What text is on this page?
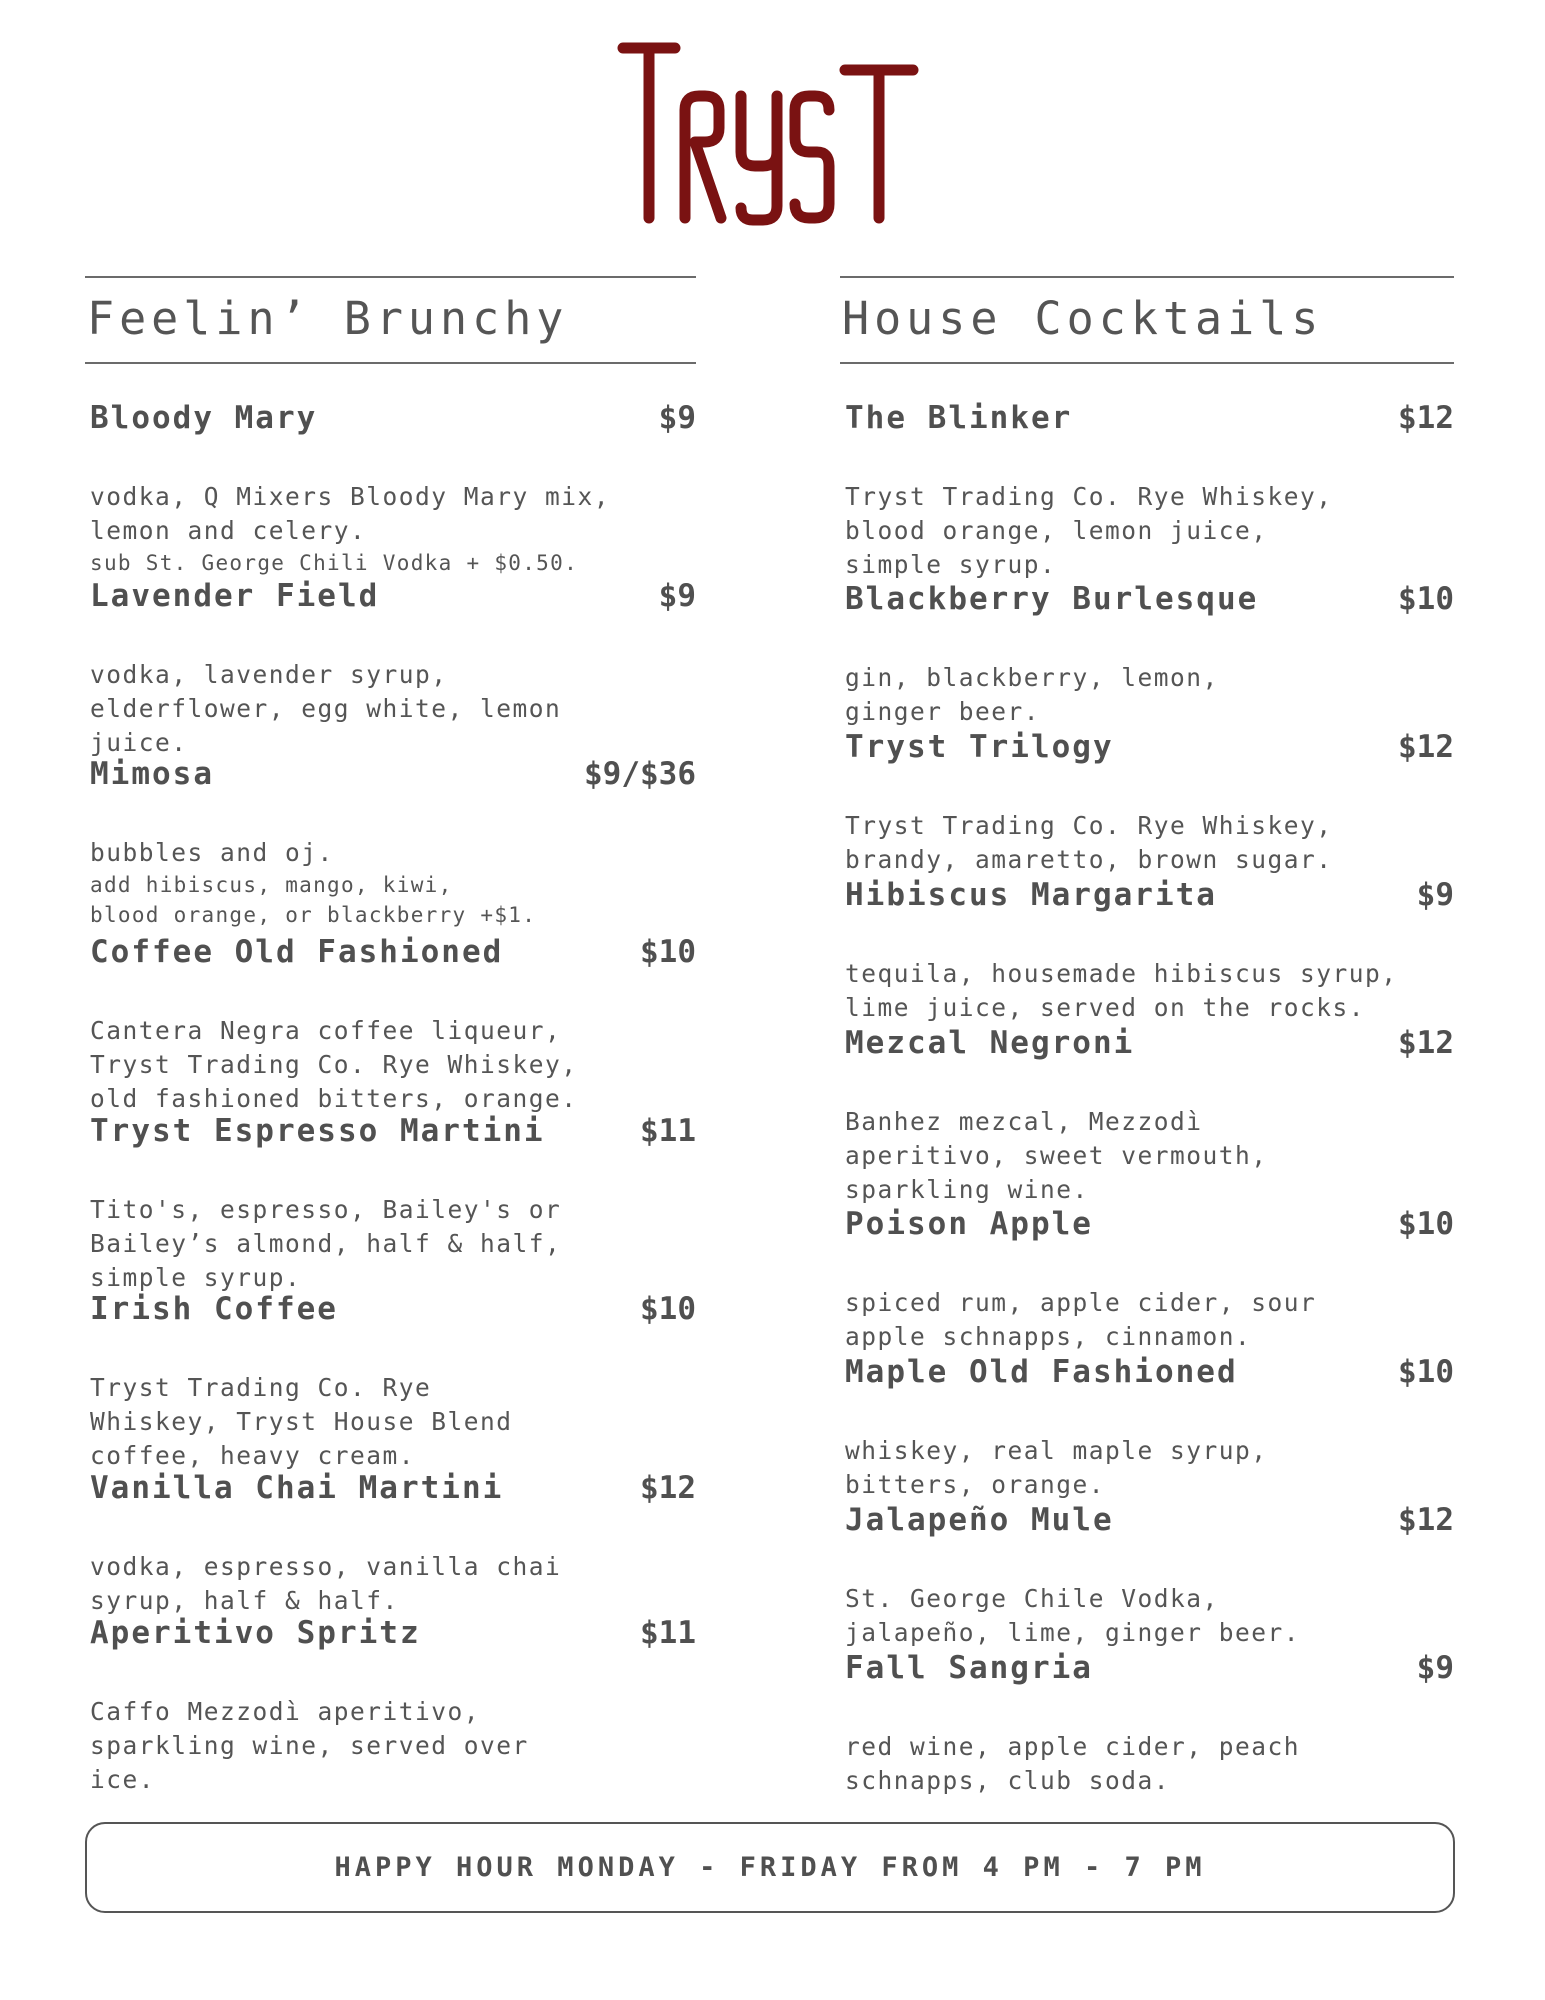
Feelin’ Brunchy
Bloody Mary	$9

vodka, Q Mixers Bloody Mary mix,
lemon and celery.

sub St. George Chili Vodka + $0.50.

Lavender Field	$9

vodka, lavender syrup,
elderflower, egg white, lemon
juice.

Mimosa	$9/$36

bubbles and oj.

add hibiscus, mango, kiwi,
blood orange, or blackberry +$1.

Coffee Old Fashioned	$10

Cantera Negra coffee liqueur,
Tryst Trading Co. Rye Whiskey,
old fashioned bitters, orange.

Tryst Espresso Martini	$11

Tito's, espresso, Bailey's or
Bailey’s almond, half & half,
simple syrup.

Irish Coffee	$10

Tryst Trading Co. Rye
Whiskey, Tryst House Blend
coffee, heavy cream.

Vanilla Chai Martini	$12

vodka, espresso, vanilla chai
syrup, half & half.

Aperitivo Spritz	$11

Caffo Mezzodì aperitivo,
sparkling wine, served over
ice.

House Cocktails
The Blinker	$12

Tryst Trading Co. Rye Whiskey,
blood orange, lemon juice,
simple syrup.

Blackberry Burlesque	$10

gin, blackberry, lemon,
ginger beer.

Tryst Trilogy	$12

Tryst Trading Co. Rye Whiskey,
brandy, amaretto, brown sugar.

Hibiscus Margarita	$9

tequila, housemade hibiscus syrup,
lime juice, served on the rocks.

Mezcal Negroni	$12

Banhez mezcal, Mezzodì
aperitivo, sweet vermouth,
sparkling wine.

Poison Apple	$10

spiced rum, apple cider, sour
apple schnapps, cinnamon.

Maple Old Fashioned	$10

whiskey, real maple syrup,
bitters, orange.

Jalapeño Mule	$12

St. George Chile Vodka,
jalapeño, lime, ginger beer.

Fall Sangria	$9

red wine, apple cider, peach
schnapps, club soda.

HAPPY HOUR MONDAY - FRIDAY FROM 4 PM - 7 PM
